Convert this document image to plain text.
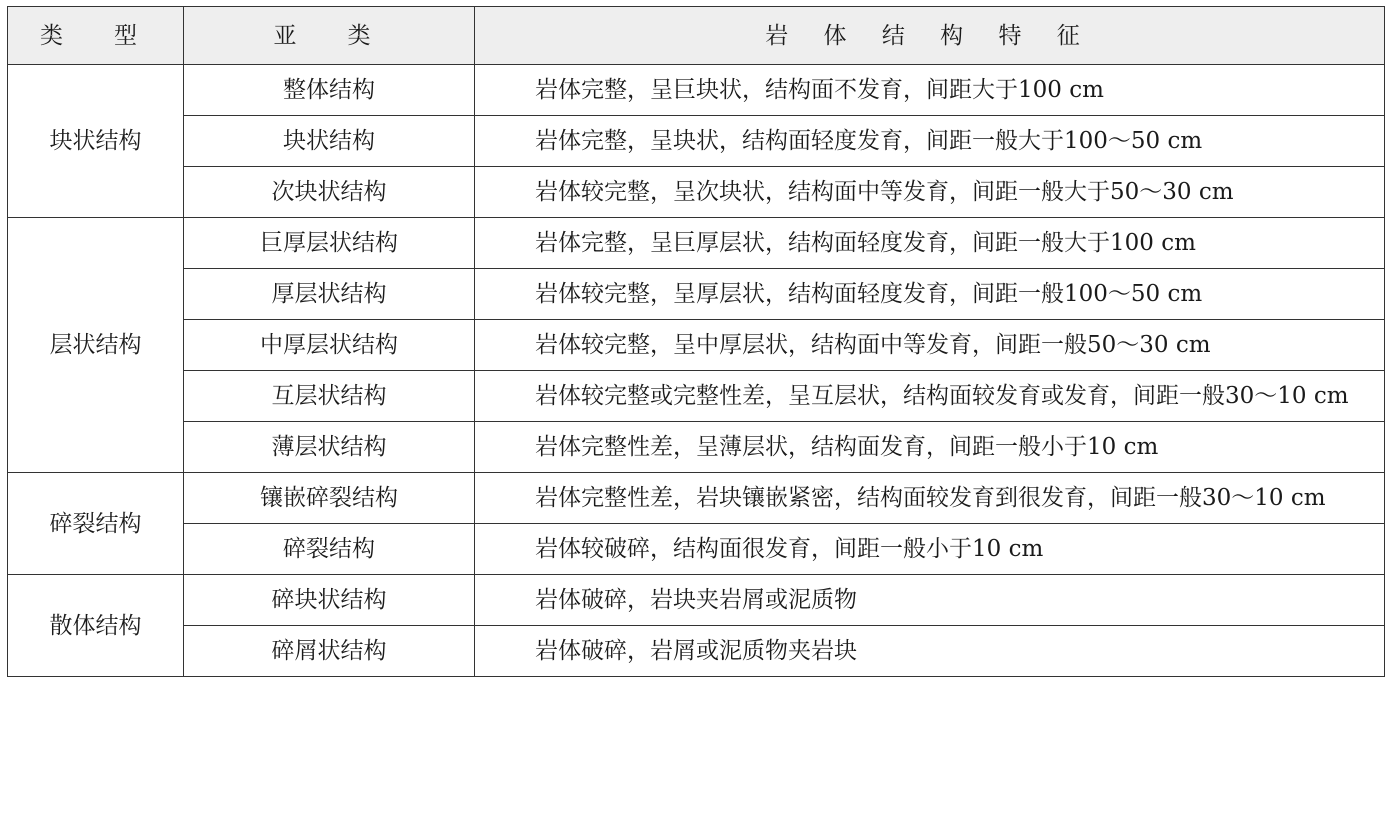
类　型	亚　类	岩 体 结 构 特 征
块状结构	整体结构	岩体完整，呈巨块状，结构面不发育，间距大于100 cm
	块状结构	岩体完整，呈块状，结构面轻度发育，间距一般大于100～50 cm
	次块状结构	岩体较完整，呈次块状，结构面中等发育，间距一般大于50～30 cm
层状结构	巨厚层状结构	岩体完整，呈巨厚层状，结构面轻度发育，间距一般大于100 cm
	厚层状结构	岩体较完整，呈厚层状，结构面轻度发育，间距一般100～50 cm
	中厚层状结构	岩体较完整，呈中厚层状，结构面中等发育，间距一般50～30 cm
	互层状结构	岩体较完整或完整性差，呈互层状，结构面较发育或发育，间距一般30～10 cm
	薄层状结构	岩体完整性差，呈薄层状，结构面发育，间距一般小于10 cm
碎裂结构	镶嵌碎裂结构	岩体完整性差，岩块镶嵌紧密，结构面较发育到很发育，间距一般30～10 cm
	碎裂结构	岩体较破碎，结构面很发育，间距一般小于10 cm
散体结构	碎块状结构	岩体破碎，岩块夹岩屑或泥质物
	碎屑状结构	岩体破碎，岩屑或泥质物夹岩块
